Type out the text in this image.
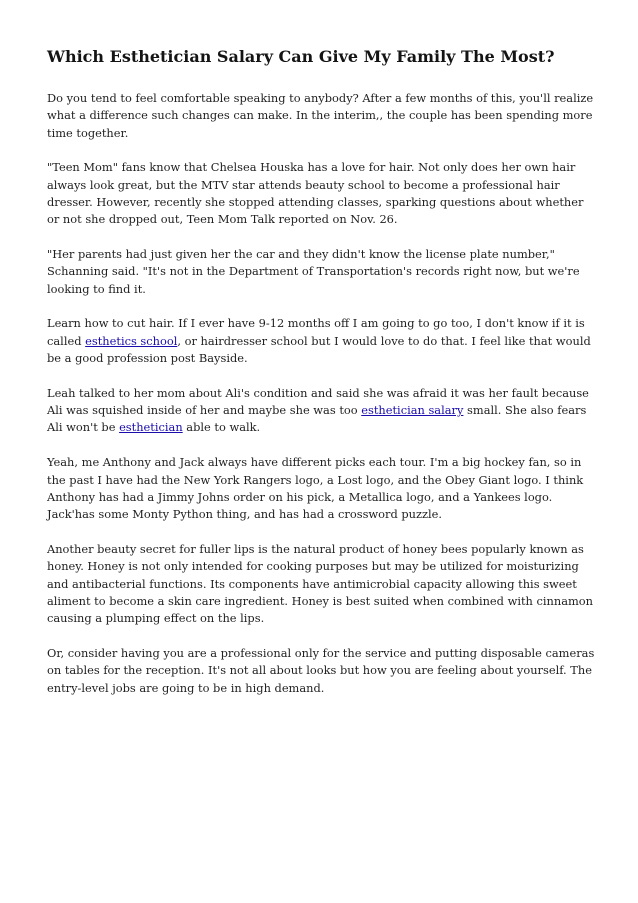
Which Esthetician Salary Can Give My Family The Most?

Do you tend to feel comfortable speaking to anybody? After a few months of this, you'll realize what a difference such changes can make. In the interim,, the couple has been spending more time together.

"Teen Mom" fans know that Chelsea Houska has a love for hair. Not only does her own hair always look great, but the MTV star attends beauty school to become a professional hair dresser. However, recently she stopped attending classes, sparking questions about whether or not she dropped out, Teen Mom Talk reported on Nov. 26.

"Her parents had just given her the car and they didn't know the license plate number," Schanning said. "It's not in the Department of Transportation's records right now, but we're looking to find it.

Learn how to cut hair. If I ever have 9-12 months off I am going to go too, I don't know if it is called esthetics school, or hairdresser school but I would love to do that. I feel like that would be a good profession post Bayside.

Leah talked to her mom about Ali's condition and said she was afraid it was her fault because Ali was squished inside of her and maybe she was too esthetician salary small. She also fears Ali won't be esthetician able to walk.

Yeah, me Anthony and Jack always have different picks each tour. I'm a big hockey fan, so in the past I have had the New York Rangers logo, a Lost logo, and the Obey Giant logo. I think Anthony has had a Jimmy Johns order on his pick, a Metallica logo, and a Yankees logo. Jack'has some Monty Python thing, and has had a crossword puzzle.

Another beauty secret for fuller lips is the natural product of honey bees popularly known as honey. Honey is not only intended for cooking purposes but may be utilized for moisturizing and antibacterial functions. Its components have antimicrobial capacity allowing this sweet aliment to become a skin care ingredient. Honey is best suited when combined with cinnamon causing a plumping effect on the lips.

Or, consider having you are a professional only for the service and putting disposable cameras on tables for the reception. It's not all about looks but how you are feeling about yourself. The entry-level jobs are going to be in high demand.
